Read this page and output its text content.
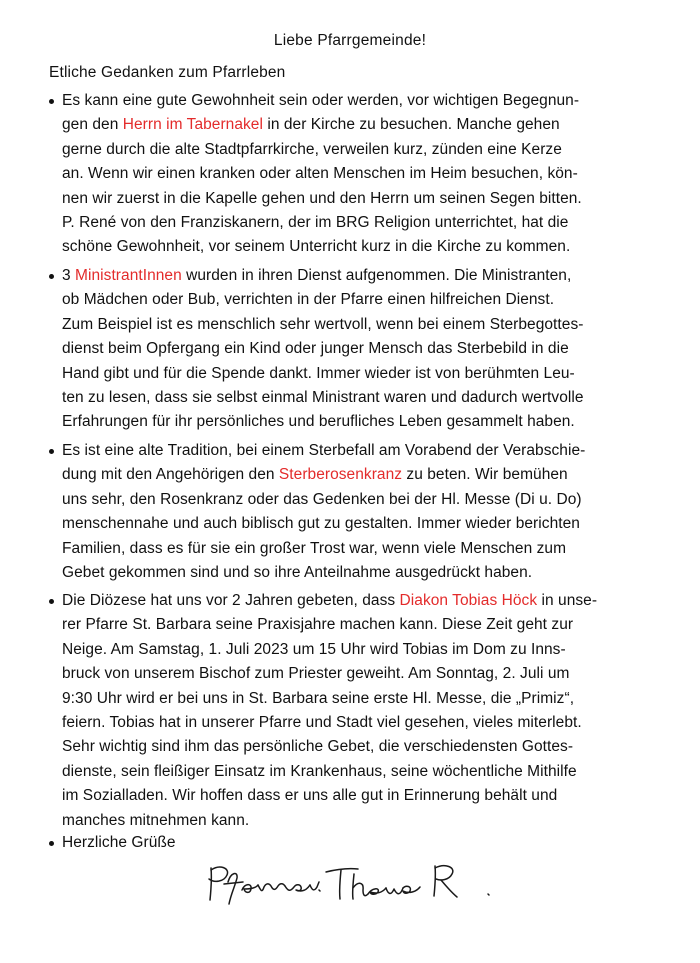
Liebe Pfarrgemeinde!
Etliche Gedanken zum Pfarrleben
Es kann eine gute Gewohnheit sein oder werden, vor wichtigen Begegnun-
gen den Herrn im Tabernakel in der Kirche zu besuchen. Manche gehen
gerne durch die alte Stadtpfarrkirche, verweilen kurz, zünden eine Kerze
an. Wenn wir einen kranken oder alten Menschen im Heim besuchen, kön-
nen wir zuerst in die Kapelle gehen und den Herrn um seinen Segen bitten.
P. René von den Franziskanern, der im BRG Religion unterrichtet, hat die
schöne Gewohnheit, vor seinem Unterricht kurz in die Kirche zu kommen.
3 MinistrantInnen wurden in ihren Dienst aufgenommen. Die Ministranten,
ob Mädchen oder Bub, verrichten in der Pfarre einen hilfreichen Dienst.
Zum Beispiel ist es menschlich sehr wertvoll, wenn bei einem Sterbegottes-
dienst beim Opfergang ein Kind oder junger Mensch das Sterbebild in die
Hand gibt und für die Spende dankt. Immer wieder ist von berühmten Leu-
ten zu lesen, dass sie selbst einmal Ministrant waren und dadurch wertvolle
Erfahrungen für ihr persönliches und berufliches Leben gesammelt haben.
Es ist eine alte Tradition, bei einem Sterbefall am Vorabend der Verabschie-
dung mit den Angehörigen den Sterberosenkranz zu beten. Wir bemühen
uns sehr, den Rosenkranz oder das Gedenken bei der Hl. Messe (Di u. Do)
menschennahe und auch biblisch gut zu gestalten. Immer wieder berichten
Familien, dass es für sie ein großer Trost war, wenn viele Menschen zum
Gebet gekommen sind und so ihre Anteilnahme ausgedrückt haben.
Die Diözese hat uns vor 2 Jahren gebeten, dass Diakon Tobias Höck in unse-
rer Pfarre St. Barbara seine Praxisjahre machen kann. Diese Zeit geht zur
Neige. Am Samstag, 1. Juli 2023 um 15 Uhr wird Tobias im Dom zu Inns-
bruck von unserem Bischof zum Priester geweiht. Am Sonntag, 2. Juli um
9:30 Uhr wird er bei uns in St. Barbara seine erste Hl. Messe, die „Primiz“,
feiern. Tobias hat in unserer Pfarre und Stadt viel gesehen, vieles miterlebt.
Sehr wichtig sind ihm das persönliche Gebet, die verschiedensten Gottes-
dienste, sein fleißiger Einsatz im Krankenhaus, seine wöchentliche Mithilfe
im Sozialladen. Wir hoffen dass er uns alle gut in Erinnerung behält und
manches mitnehmen kann.
Herzliche Grüße
